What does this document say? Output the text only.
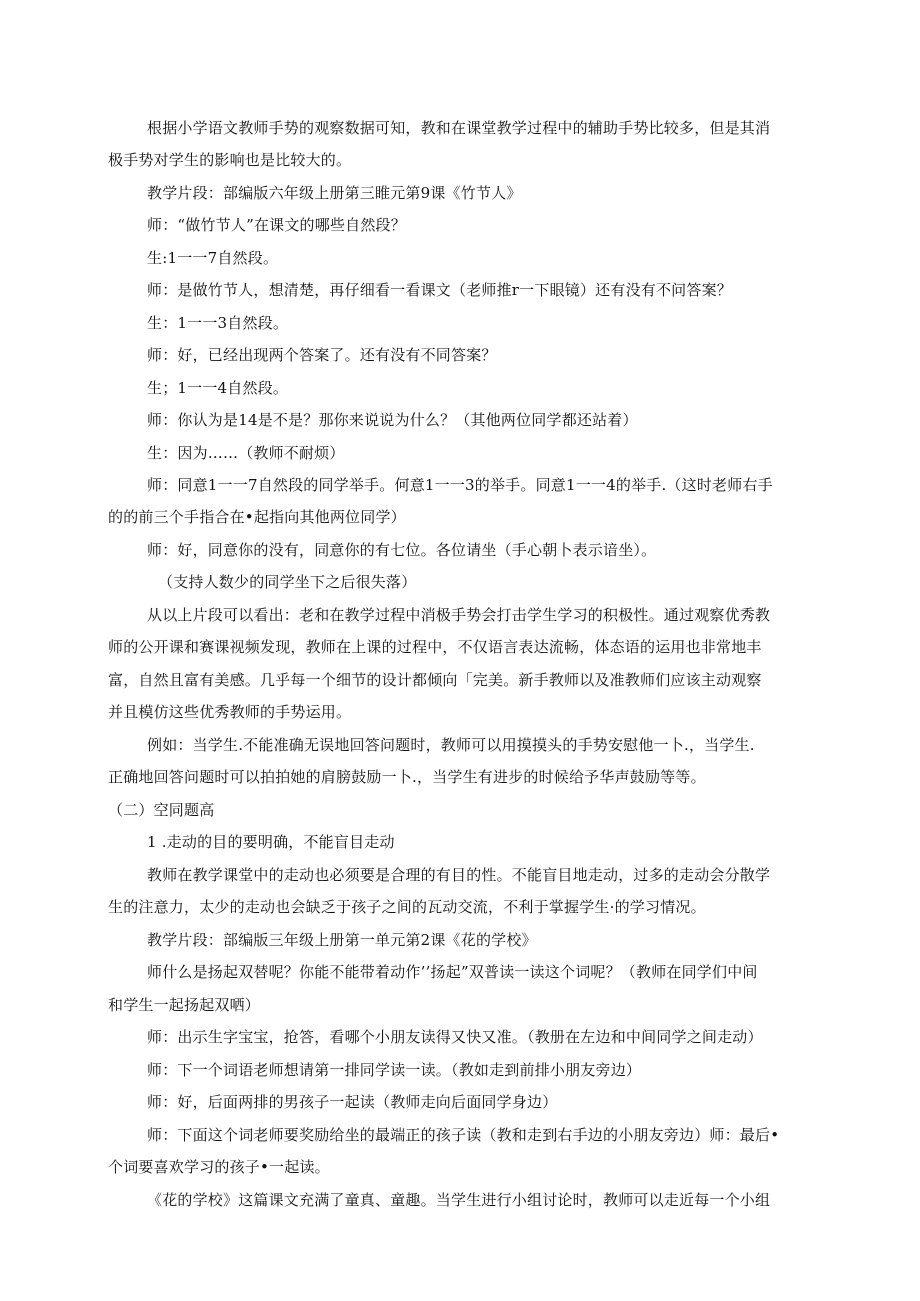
根据小学语文教师手势的观察数据可知，教和在课堂教学过程中的辅助手势比较多，但是其消
极手势对学生的影响也是比较大的。
教学片段：部编版六年级上册第三睢元第9课《竹节人》
师：“做竹节人”在课文的哪些自然段？
生:1一一7自然段。
师：是做竹节人，想清楚，再仔细看一看课文（老师推r一下眼镜）还有没有不问答案？
生：1一一3自然段。
师：好，已经出现两个答案了。还有没有不同答案？
生；1一一4自然段。
师：你认为是14是不是？那你来说说为什么？（其他两位同学都还站着）
生：因为……（教师不耐烦）
师：同意1一一7自然段的同学举手。何意1一一3的举手。同意1一一4的举手.（这时老师右手
的的前三个手指合在•起指向其他两位同学）
师：好，同意你的没有，同意你的有七位。各位请坐（手心朝卜表示谙坐）。
（支持人数少的同学坐下之后很失落）
从以上片段可以看出：老和在教学过程中消极手势会打击学生学习的积极性。通过观察优秀教
师的公开课和赛课视频发现，教师在上课的过程中，不仅语言表达流畅，体态语的运用也非常地丰
富，自然且富有美感。几乎每一个细节的设计都倾向「完美。新手教师以及准教师们应该主动观察
并且模仿这些优秀教师的手势运用。
例如：当学生.不能准确无误地回答问题时，教师可以用摸摸头的手势安慰他一卜.，当学生.
正确地回答问题时可以拍拍她的肩膀鼓励一卜.，当学生有进步的时候给予华声鼓励等等。
（二）空同题高
1 .走动的目的要明确，不能盲目走动
教师在教学课堂中的走动也必须要是合理的有目的性。不能盲目地走动，过多的走动会分散学
生的注意力，太少的走动也会缺乏于孩子之间的瓦动交流，不利于掌握学生·的学习情况。
教学片段：部编版三年级上册第一单元第2课《花的学校》
师什么是扬起双替呢？你能不能带着动作’’扬起”双普读一读这个词呢？（教师在同学们中间
和学生一起扬起双哂）
师：出示生字宝宝，抢答，看哪个小朋友读得又快又准。（教册在左边和中间同学之间走动）
师：下一个词语老师想请第一排同学读一读。（教如走到前排小朋友旁边）
师：好，后面两排的男孩子一起读（教师走向后面同学身边）
师：下面这个词老师要奖励给坐的最端正的孩子读（教和走到右手边的小朋友旁边）师：最后•
个词要喜欢学习的孩子•一起读。
《花的学校》这篇课文充满了童真、童趣。当学生进行小组讨论时，教师可以走近每一个小组
